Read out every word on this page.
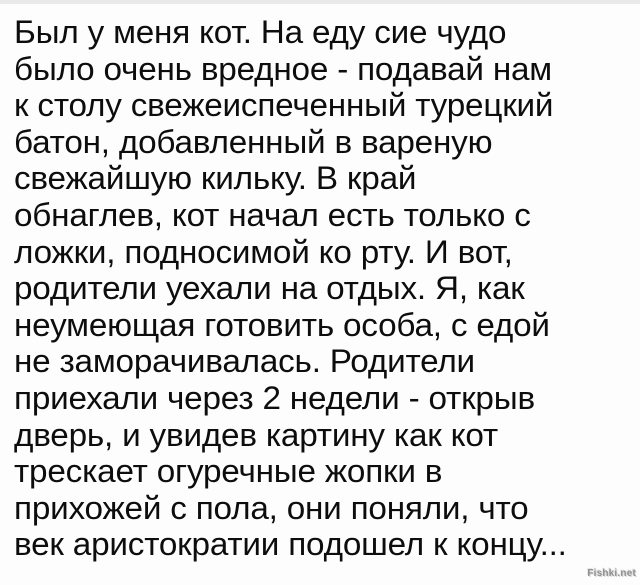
Был у меня кот. На еду сие чудо
было очень вредное - подавай нам
к столу свежеиспеченный турецкий
батон, добавленный в вареную
свежайшую кильку. В край
обнаглев, кот начал есть только с
ложки, подносимой ко рту. И вот,
родители уехали на отдых. Я, как
неумеющая готовить особа, с едой
не заморачивалась. Родители
приехали через 2 недели - открыв
дверь, и увидев картину как кот
трескает огуречные жопки в
прихожей с пола, они поняли, что
век аристократии подошел к концу...
Fishki.net
